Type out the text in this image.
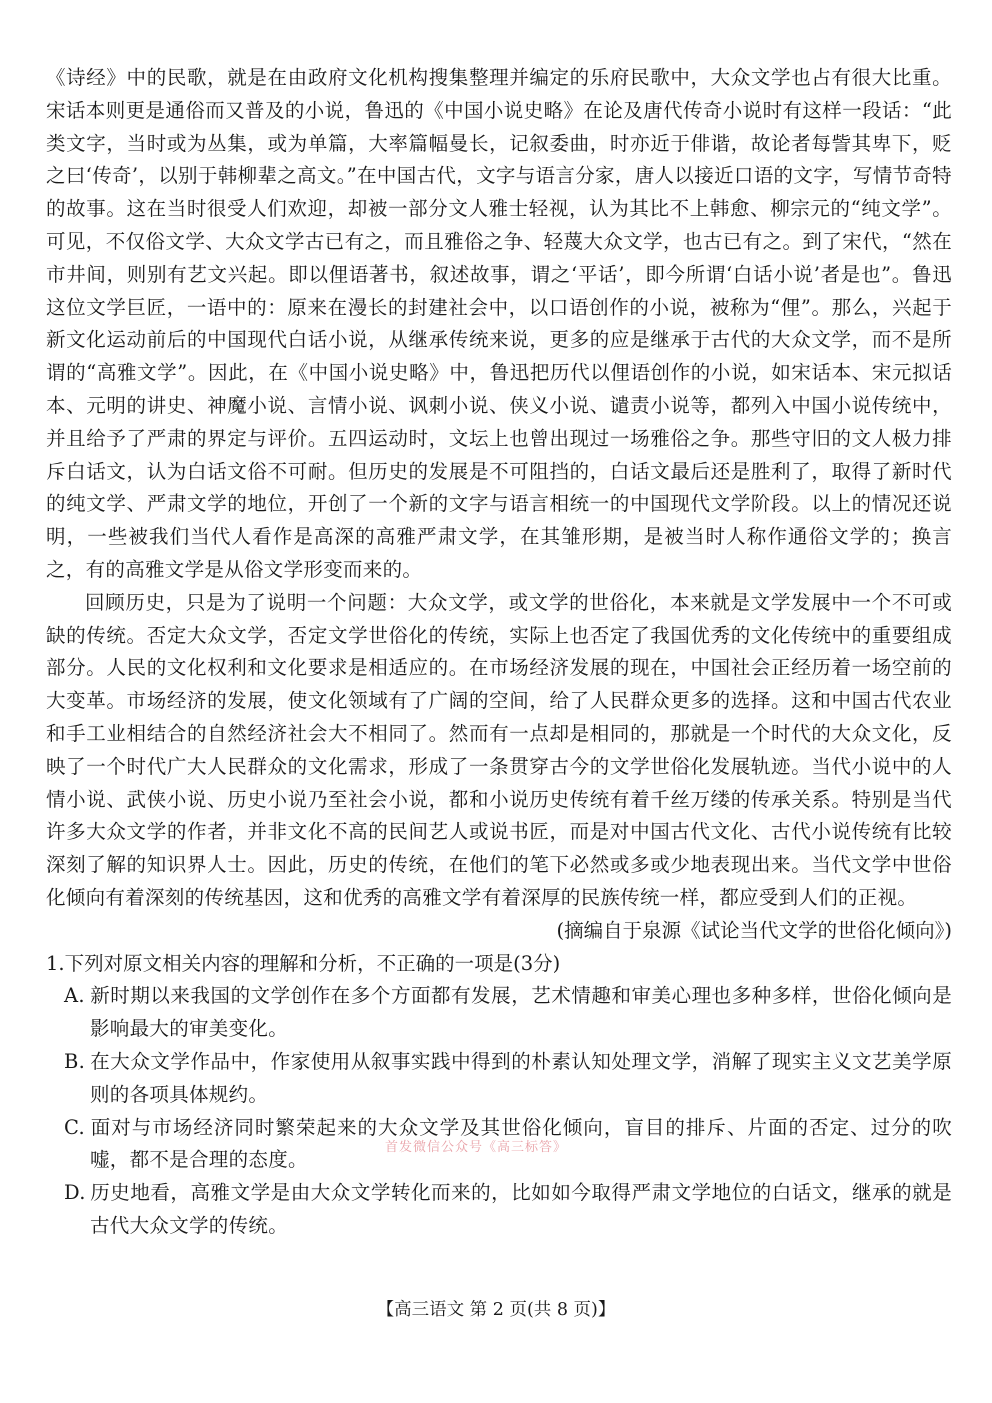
《诗经》中的民歌，就是在由政府文化机构搜集整理并编定的乐府民歌中，大众文学也占有很大比重。宋话本则更是通俗而又普及的小说，鲁迅的《中国小说史略》在论及唐代传奇小说时有这样一段话：“此类文字，当时或为丛集，或为单篇，大率篇幅曼长，记叙委曲，时亦近于俳谐，故论者每訾其卑下，贬之曰‘传奇’，以别于韩柳辈之高文。”在中国古代，文字与语言分家，唐人以接近口语的文字，写情节奇特的故事。这在当时很受人们欢迎，却被一部分文人雅士轻视，认为其比不上韩愈、柳宗元的“纯文学”。可见，不仅俗文学、大众文学古已有之，而且雅俗之争、轻蔑大众文学，也古已有之。到了宋代，“然在市井间，则别有艺文兴起。即以俚语著书，叙述故事，谓之‘平话’，即今所谓‘白话小说’者是也”。鲁迅这位文学巨匠，一语中的：原来在漫长的封建社会中，以口语创作的小说，被称为“俚”。那么，兴起于新文化运动前后的中国现代白话小说，从继承传统来说，更多的应是继承于古代的大众文学，而不是所谓的“高雅文学”。因此，在《中国小说史略》中，鲁迅把历代以俚语创作的小说，如宋话本、宋元拟话本、元明的讲史、神魔小说、言情小说、讽刺小说、侠义小说、谴责小说等，都列入中国小说传统中，并且给予了严肃的界定与评价。五四运动时，文坛上也曾出现过一场雅俗之争。那些守旧的文人极力排斥白话文，认为白话文俗不可耐。但历史的发展是不可阻挡的，白话文最后还是胜利了，取得了新时代的纯文学、严肃文学的地位，开创了一个新的文字与语言相统一的中国现代文学阶段。以上的情况还说明，一些被我们当代人看作是高深的高雅严肃文学，在其雏形期，是被当时人称作通俗文学的；换言之，有的高雅文学是从俗文学形变而来的。

回顾历史，只是为了说明一个问题：大众文学，或文学的世俗化，本来就是文学发展中一个不可或缺的传统。否定大众文学，否定文学世俗化的传统，实际上也否定了我国优秀的文化传统中的重要组成部分。人民的文化权利和文化要求是相适应的。在市场经济发展的现在，中国社会正经历着一场空前的大变革。市场经济的发展，使文化领域有了广阔的空间，给了人民群众更多的选择。这和中国古代农业和手工业相结合的自然经济社会大不相同了。然而有一点却是相同的，那就是一个时代的大众文化，反映了一个时代广大人民群众的文化需求，形成了一条贯穿古今的文学世俗化发展轨迹。当代小说中的人情小说、武侠小说、历史小说乃至社会小说，都和小说历史传统有着千丝万缕的传承关系。特别是当代许多大众文学的作者，并非文化不高的民间艺人或说书匠，而是对中国古代文化、古代小说传统有比较深刻了解的知识界人士。因此，历史的传统，在他们的笔下必然或多或少地表现出来。当代文学中世俗化倾向有着深刻的传统基因，这和优秀的高雅文学有着深厚的民族传统一样，都应受到人们的正视。

(摘编自于泉源《试论当代文学的世俗化倾向》)

1.下列对原文相关内容的理解和分析，不正确的一项是(3分)

A. 新时期以来我国的文学创作在多个方面都有发展，艺术情趣和审美心理也多种多样，世俗化倾向是影响最大的审美变化。

B. 在大众文学作品中，作家使用从叙事实践中得到的朴素认知处理文学，消解了现实主义文艺美学原则的各项具体规约。

C. 面对与市场经济同时繁荣起来的大众文学及其世俗化倾向，盲目的排斥、片面的否定、过分的吹嘘，都不是合理的态度。

D. 历史地看，高雅文学是由大众文学转化而来的，比如如今取得严肃文学地位的白话文，继承的就是古代大众文学的传统。

首发微信公众号《高三标答》
【高三语文 第 2 页(共 8 页)】
